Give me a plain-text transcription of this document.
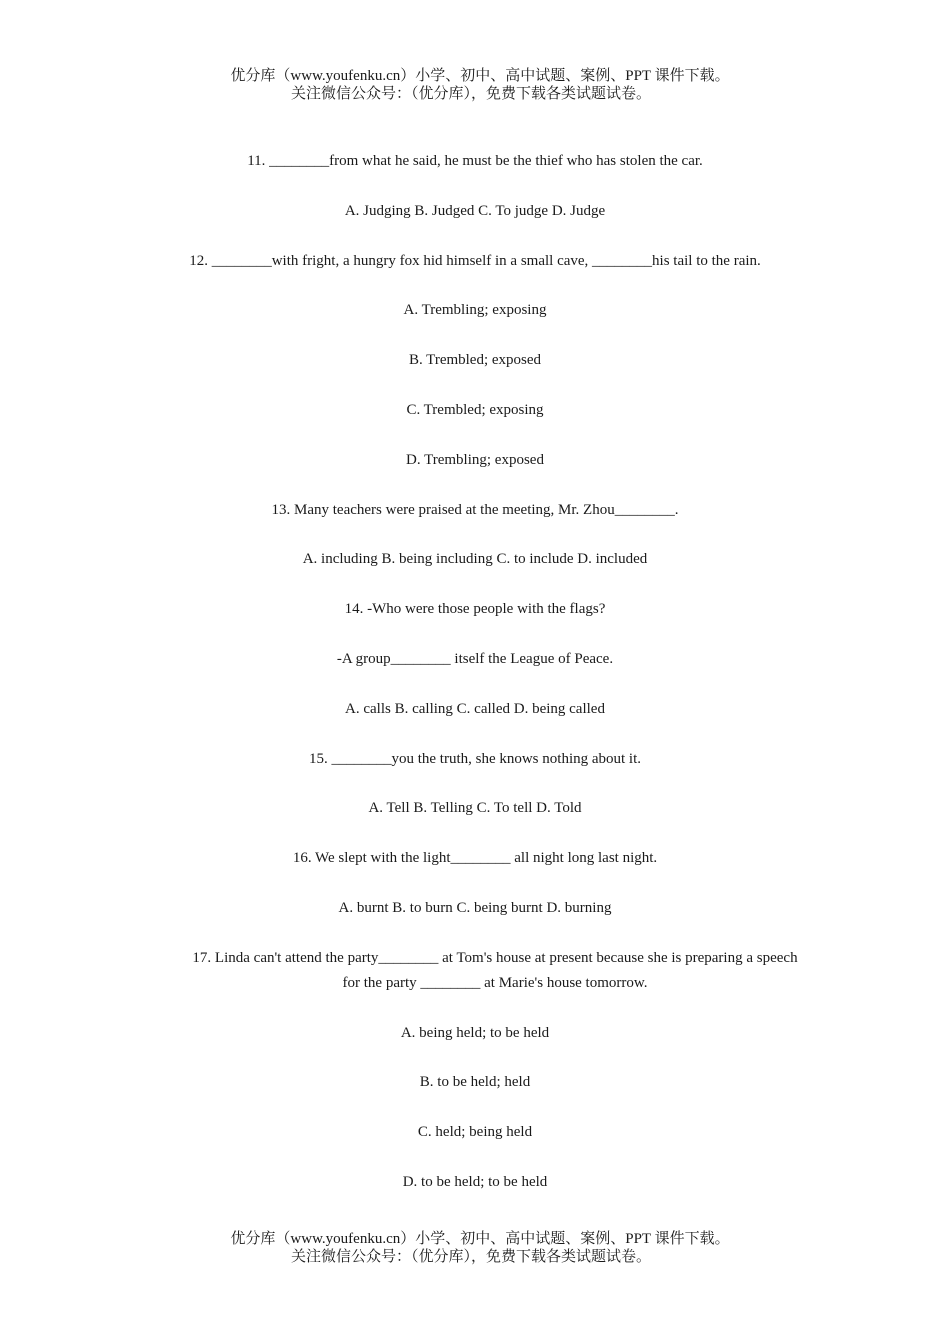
优分库（www.youfenku.cn）小学、初中、高中试题、案例、PPT 课件下载。
关注微信公众号：（优分库），免费下载各类试题试卷。
11. ________from what he said, he must be the thief who has stolen the car.
A. Judging B. Judged C. To judge D. Judge
12. ________with fright, a hungry fox hid himself in a small cave, ________his tail to the rain.
A. Trembling; exposing
B. Trembled; exposed
C. Trembled; exposing
D. Trembling; exposed
13. Many teachers were praised at the meeting, Mr. Zhou________.
A. including B. being including C. to include D. included
14. -Who were those people with the flags?
-A group________ itself the League of Peace.
A. calls B. calling C. called D. being called
15. ________you the truth, she knows nothing about it.
A. Tell B. Telling C. To tell D. Told
16. We slept with the light________ all night long last night.
A. burnt B. to burn C. being burnt D. burning
17. Linda can't attend the party________ at Tom's house at present because she is preparing a speech for the party ________ at Marie's house tomorrow.
A. being held; to be held
B. to be held; held
C. held; being held
D. to be held; to be held
优分库（www.youfenku.cn）小学、初中、高中试题、案例、PPT 课件下载。
关注微信公众号：（优分库），免费下载各类试题试卷。
